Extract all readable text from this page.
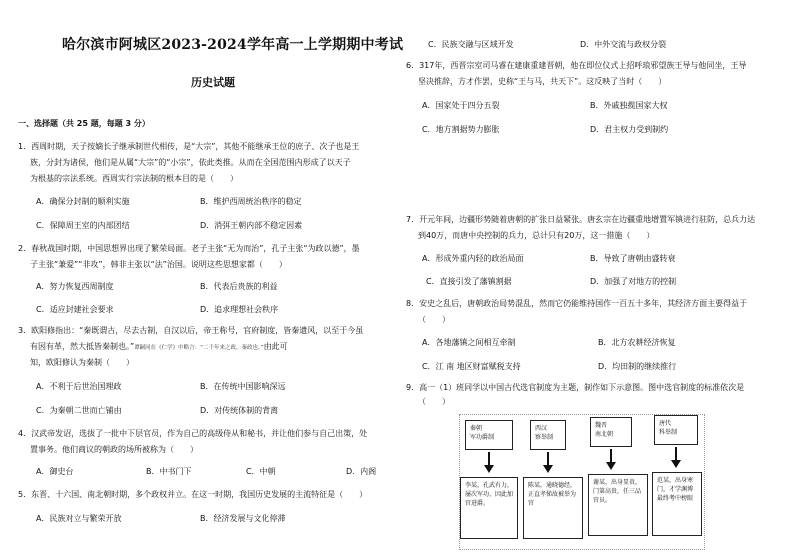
哈尔滨市阿城区2023-2024学年高一上学期期中考试
历史试题
一、选择题（共 25 题，每题 3 分）
1．西周时期，天子按嫡长子继承制世代相传，是“大宗”，其他不能继承王位的庶子、次子也是王
族，分封为诸侯，他们是从属“大宗”的“小宗”，依此类推。从而在全国范围内形成了以天子
为根基的宗法系统。西周实行宗法制的根本目的是（　　）
A．确保分封制的顺利实施	B．维护西周统治秩序的稳定
C．保障周王室的内部团结	D．消弭王朝内部不稳定因素
2．春秋战国时期，中国思想界出现了繁荣局面。老子主张“无为而治”，孔子主张“为政以德”，墨
子主张“兼爱”“非攻”，韩非主张以“法”治国。说明这些思想家都（　　）
A．努力恢复西周制度	B．代表后贵族的利益
C．适应封建社会要求	D．追求理想社会秩序
3．欧阳修指出：“秦既谓古，尽去古制，自汉以后，帝王称号，官府制度，皆秦遗风，以至于今虽
有因有革，然大抵皆秦制也。”谭嗣同在《仁学》中略言：“二千年来之政，秦政也。”由此可
知，欧阳修认为秦制（　　）
A．不利于后世治国理政	B．在传统中国影响深远
C．为秦朝二世而亡铺由	D．对传统体制的背离
4．汉武帝发诏，选拔了一批中下层官员，作为自己的高级侍从和秘书，并让他们参与自己出策，处
置事务。他们商议的朝政的场所被称为（　　）
A．御史台	B．中书门下	C．中朝	D．内阁
5．东晋、十六国、南北朝时期，多个政权并立。在这一时期，我国历史发展的主流特征是（　　）
A．民族对立与繁荣开放	B．经济发展与文化停滞
C．民族交融与区域开发	D．中外交流与政权分裂
6．317年，西晋宗室司马睿在建康重建晋朝，他在即位仪式上招呼琅邪望族王导与他同坐，王导
坚决推辞，方才作罢，史称“王与马，共天下”。这反映了当时（　　）
A．国家处于四分五裂	B．外戚独揽国家大权
C．地方割据势力膨胀	D．君主权力受到制约
7．开元年间，边疆形势随着唐朝的扩张日益紧张。唐玄宗在边疆重地增置军镇进行驻防，总兵力达
到40万，而唐中央控制的兵力，总计只有20万，这一措施（　　）
A．形成外重内轻的政治局面	B．导致了唐朝由盛转衰
C．直接引发了藩镇割据	D．加强了对地方的控制
8．安史之乱后，唐朝政治局势混乱，然而它仍能维持国作一百五十多年，其经济方面主要得益于
（　　）
A．各地藩镇之间相互牵制	B．北方农耕经济恢复
C．江 南 地区财富赋税支持	D．均田制的继续推行
9．高一（1）班同学以中国古代选官制度为主题，制作如下示意图。图中选官制度的标准依次是
（　　）
秦朝
军功爵制
西汉
察举制
魏晋
南北朝
唐代
科举制
李某，孔武有力，屡次军功，因此加官进爵。
陈某，通晓德经，正直孝悌故被举为官
谢某，出身显贵，门第高贵，任三品官员。
范某，出身寒门，才学渊博最终考中榜眼
